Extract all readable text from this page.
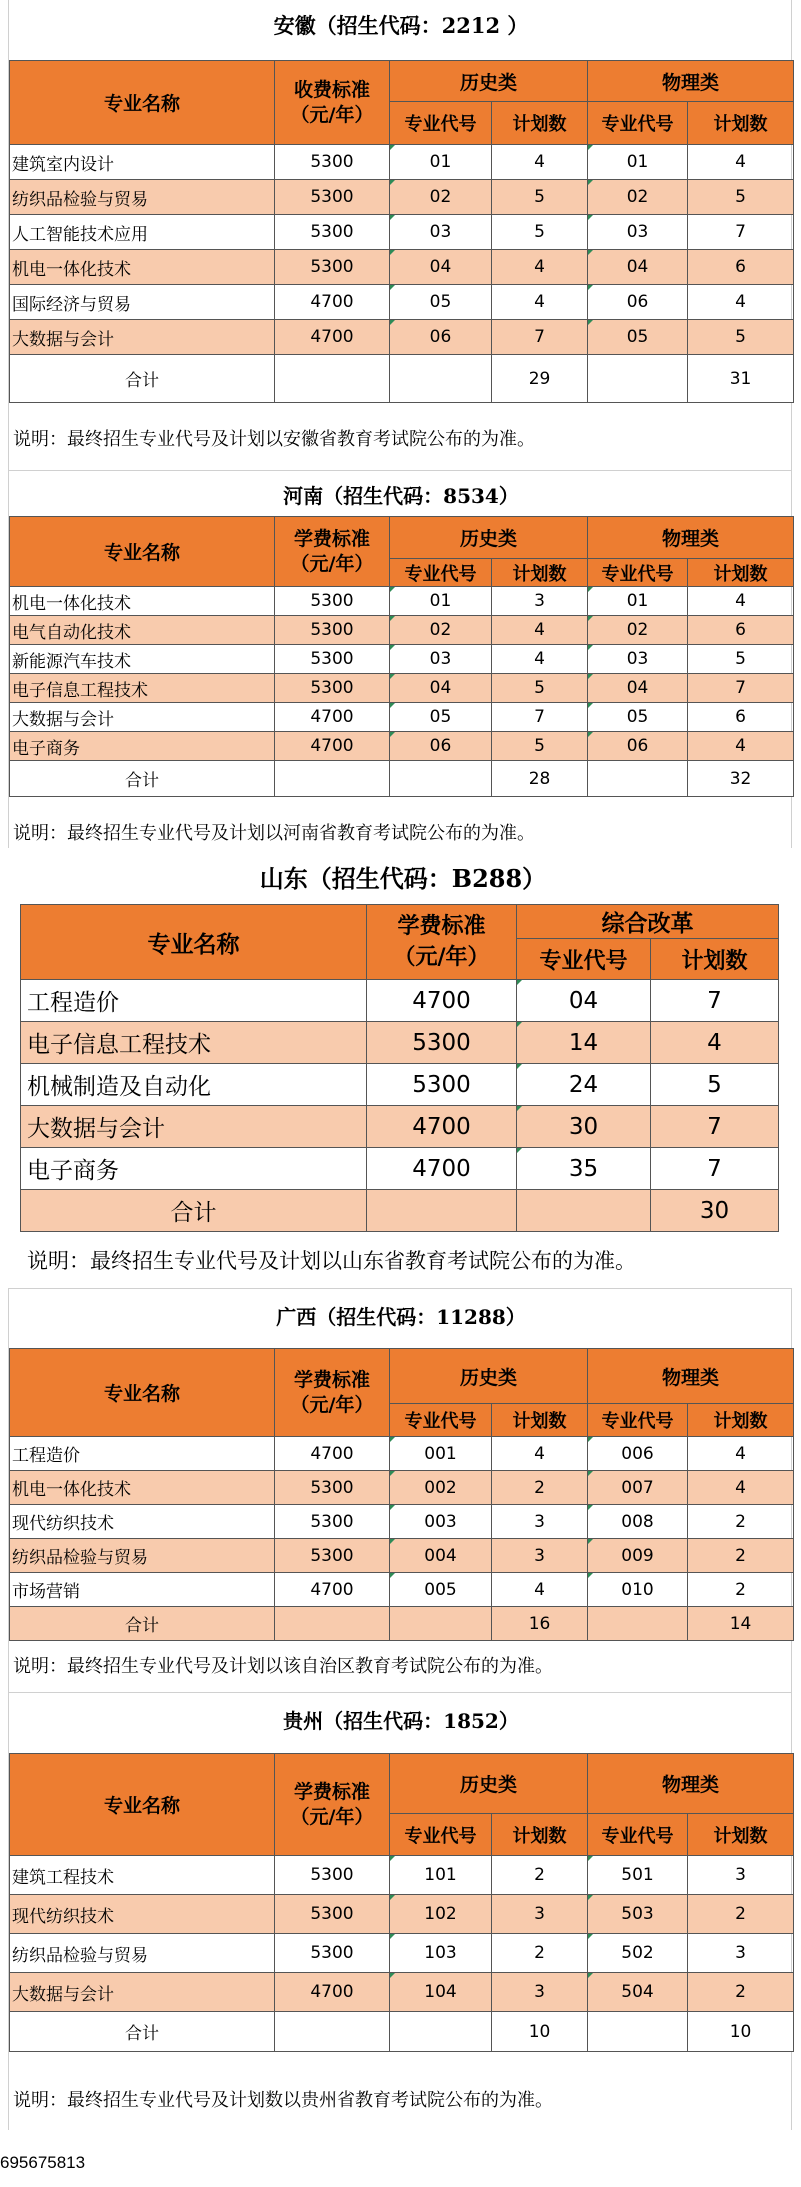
安徽（招生代码：2212 ）
专业名称	收费标准
（元/年）	历史类		物理类	
		专业代号	计划数	专业代号	计划数
建筑室内设计	5300	01	4	01	4
纺织品检验与贸易	5300	02	5	02	5
人工智能技术应用	5300	03	5	03	7
机电一体化技术	5300	04	4	04	6
国际经济与贸易	4700	05	4	06	4
大数据与会计	4700	06	7	05	5
合计			29		31
说明：最终招生专业代号及计划以安徽省教育考试院公布的为准。
河南（招生代码：8534）
专业名称	学费标准
（元/年）	历史类		物理类	
		专业代号	计划数	专业代号	计划数
机电一体化技术	5300	01	3	01	4
电气自动化技术	5300	02	4	02	6
新能源汽车技术	5300	03	4	03	5
电子信息工程技术	5300	04	5	04	7
大数据与会计	4700	05	7	05	6
电子商务	4700	06	5	06	4
合计			28		32
说明：最终招生专业代号及计划以河南省教育考试院公布的为准。
山东（招生代码：B288）
专业名称	学费标准
（元/年）	综合改革	
		专业代号	计划数
工程造价	4700	04	7
电子信息工程技术	5300	14	4
机械制造及自动化	5300	24	5
大数据与会计	4700	30	7
电子商务	4700	35	7
合计			30
说明：最终招生专业代号及计划以山东省教育考试院公布的为准。
广西（招生代码：11288）
专业名称	学费标准
（元/年）	历史类		物理类	
		专业代号	计划数	专业代号	计划数
工程造价	4700	001	4	006	4
机电一体化技术	5300	002	2	007	4
现代纺织技术	5300	003	3	008	2
纺织品检验与贸易	5300	004	3	009	2
市场营销	4700	005	4	010	2
合计			16		14
说明：最终招生专业代号及计划以该自治区教育考试院公布的为准。
贵州（招生代码：1852）
专业名称	学费标准
（元/年）	历史类		物理类	
		专业代号	计划数	专业代号	计划数
建筑工程技术	5300	101	2	501	3
现代纺织技术	5300	102	3	503	2
纺织品检验与贸易	5300	103	2	502	3
大数据与会计	4700	104	3	504	2
合计			10		10
说明：最终招生专业代号及计划数以贵州省教育考试院公布的为准。
695675813
